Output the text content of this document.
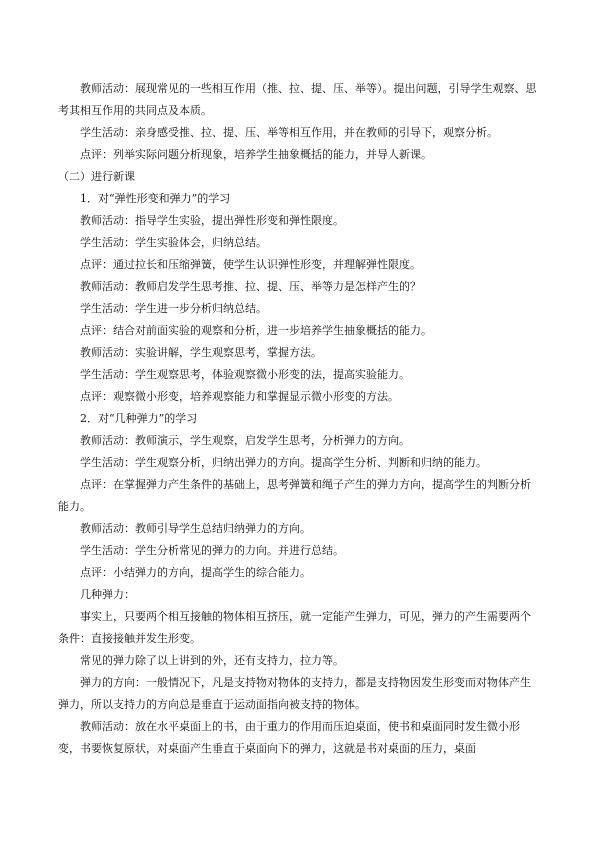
教师活动：展现常见的一些相互作用（推、拉、提、压、举等）。提出问题，引导学生观察、思考其相互作用的共同点及本质。

学生活动：亲身感受推、拉、提、压、举等相互作用，并在教师的引导下，观察分析。

点评：列举实际问题分析现象，培养学生抽象概括的能力，并导人新课。

（二）进行新课

1．对“弹性形变和弹力”的学习

教师活动：指导学生实验，提出弹性形变和弹性限度。

学生活动：学生实验体会，归纳总结。

点评：通过拉长和压缩弹簧，使学生认识弹性形变，并理解弹性限度。

教师活动：教师启发学生思考推、拉、提、压、举等力是怎样产生的？

学生活动：学生进一步分析归纳总结。

点评：结合对前面实验的观察和分析，进一步培养学生抽象概括的能力。

教师活动：实验讲解，学生观察思考，掌握方法。

学生活动：学生观察思考，体验观察微小形变的法，提高实验能力。

点评：观察微小形变，培养观察能力和掌握显示微小形变的方法。

2．对“几种弹力”的学习

教师活动：教师演示，学生观察，启发学生思考，分析弹力的方向。

学生活动：学生观察分析，归纳出弹力的方向。提高学生分析、判断和归纳的能力。

点评：在掌握弹力产生条件的基础上，思考弹簧和绳子产生的弹力方向，提高学生的判断分析能力。

教师活动：教师引导学生总结归纳弹力的方向。

学生活动：学生分析常见的弹力的力向。并进行总结。

点评：小结弹力的方向，提高学生的综合能力。

几种弹力：

事实上，只要两个相互接触的物体相互挤压，就一定能产生弹力，可见，弹力的产生需要两个条件：直接接触并发生形变。

常见的弹力除了以上讲到的外，还有支持力，拉力等。

弹力的方向：一般情况下，凡是支持物对物体的支持力，都是支持物因发生形变而对物体产生弹力，所以支持力的方向总是垂直于运动面指向被支持的物体。

教师活动：放在水平桌面上的书，由于重力的作用而压迫桌面，使书和桌面同时发生微小形变，书要恢复原状，对桌面产生垂直于桌面向下的弹力，这就是书对桌面的压力，桌面
